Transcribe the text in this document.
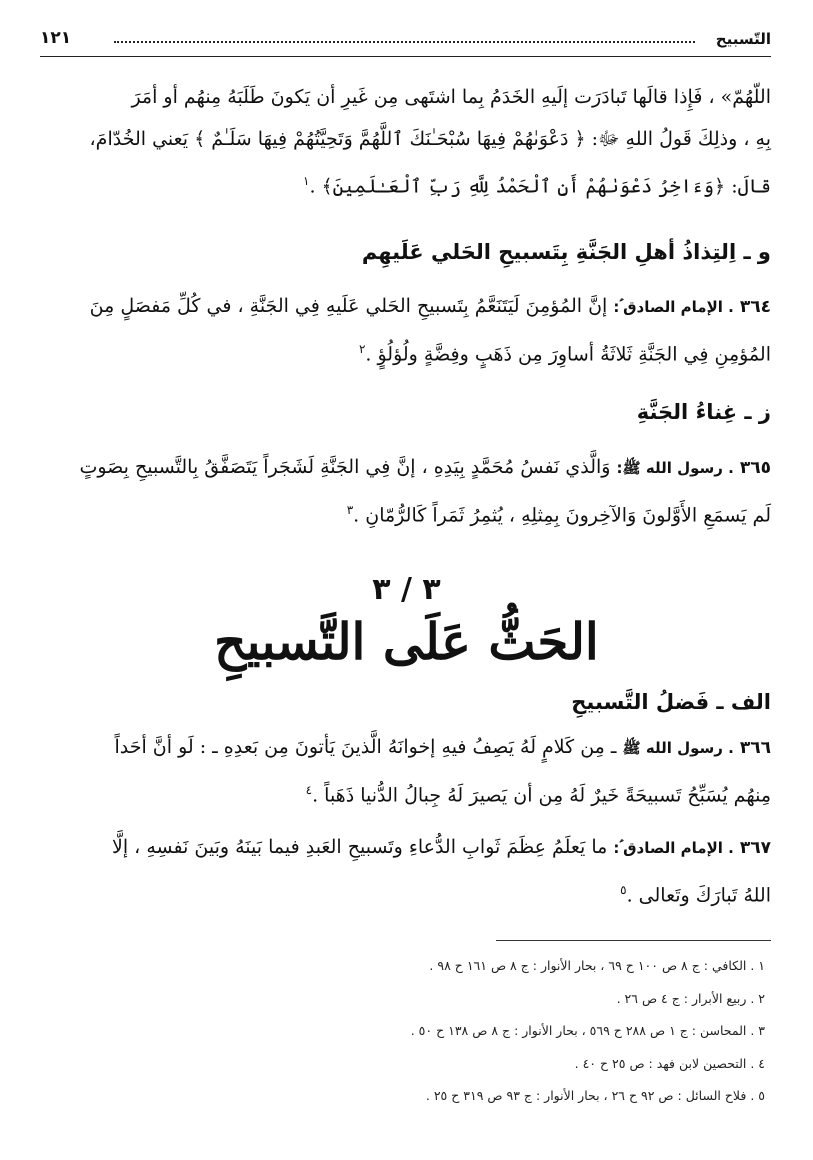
التّسبيح
١٢١
اللّهُمّ» ، فَإِذا قالَها تَبادَرَت إلَيهِ الخَدَمُ بِما اشتَهى مِن غَيرِ أن يَكونَ طَلَبَهُ مِنهُم أو أمَرَ
بِهِ ، وذلِكَ قَولُ اللهِ ﷻ: ﴿ دَعْوَىٰهُمْ فِيهَا سُبْحَـٰنَكَ ٱللَّهُمَّ وَتَحِيَّتُهُمْ فِيهَا سَلَـٰمٌ ﴾ يَعني الخُدّامَ،
قالَ: ﴿وَءَاخِرُ دَعْوَىٰهُمْ أَنِ ٱلْحَمْدُ لِلَّهِ رَبِّ ٱلْعَـٰلَمِينَ﴾ .$^١$
و ـ اِلتِذاذُ أهلِ الجَنَّةِ بِتَسبيحِ الحَلي عَلَيهِم
٣٦٤ . الإمام الصادق ؑ: إنَّ المُؤمِنَ لَيَتَنَعَّمُ بِتَسبيحِ الحَلي عَلَيهِ فِي الجَنَّةِ ، في كُلِّ مَفصَلٍ مِنَ
المُؤمِنِ فِي الجَنَّةِ ثَلاثَةُ أساوِرَ مِن ذَهَبٍ وفِضَّةٍ ولُؤلُؤٍ .$^٢$
ز ـ غِناءُ الجَنَّةِ
٣٦٥ . رسول الله ﷺ: وَالَّذي نَفسُ مُحَمَّدٍ بِيَدِهِ ، إنَّ فِي الجَنَّةِ لَشَجَراً يَتَصَفَّقُ بِالتَّسبيحِ بِصَوتٍ
لَم يَسمَعِ الأَوَّلونَ وَالآخِرونَ بِمِثلِهِ ، يُثمِرُ ثَمَراً كَالرُّمّانِ .$^٣$
٣ / ٣
الحَثُّ عَلَى التَّسبيحِ
الف ـ فَضلُ التَّسبيحِ
٣٦٦ . رسول الله ﷺ ـ مِن كَلامٍ لَهُ يَصِفُ فيهِ إخوانَهُ الَّذينَ يَأتونَ مِن بَعدِهِ ـ : لَو أنَّ أحَداً
مِنهُم يُسَبِّحُ تَسبيحَةً خَيرٌ لَهُ مِن أن يَصيرَ لَهُ جِبالُ الدُّنيا ذَهَباً .$^٤$
٣٦٧ . الإمام الصادق ؑ: ما يَعلَمُ عِظَمَ ثَوابِ الدُّعاءِ وتَسبيحِ العَبدِ فيما بَينَهُ وبَينَ نَفسِهِ ، إلَّا
اللهُ تَبارَكَ وتَعالى .$^٥$
١ . الكافي : ج ٨ ص ١٠٠ ح ٦٩ ، بحار الأنوار : ج ٨ ص ١٦١ ح ٩٨ .
٢ . ربيع الأبرار : ج ٤ ص ٢٦ .
٣ . المحاسن : ج ١ ص ٢٨٨ ح ٥٦٩ ، بحار الأنوار : ج ٨ ص ١٣٨ ح ٥٠ .
٤ . التحصين لابن فهد : ص ٢٥ ح ٤٠ .
٥ . فلاح السائل : ص ٩٢ ح ٢٦ ، بحار الأنوار : ج ٩٣ ص ٣١٩ ح ٢٥ .
